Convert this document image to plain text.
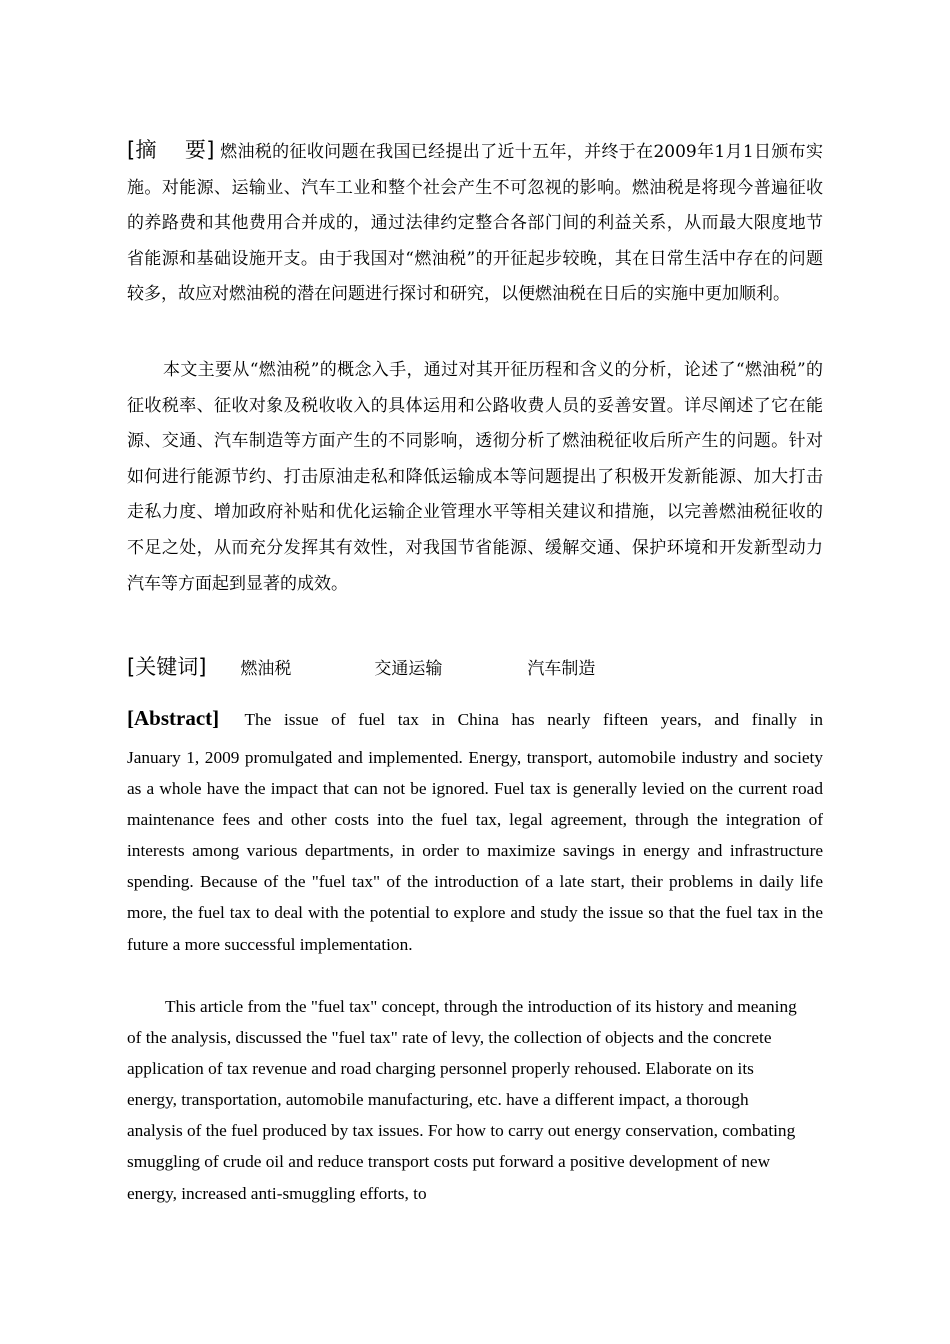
[摘    要] 燃油税的征收问题在我国已经提出了近十五年，并终于在2009年1月1日颁布实施。对能源、运输业、汽车工业和整个社会产生不可忽视的影响。燃油税是将现今普遍征收的养路费和其他费用合并成的，通过法律约定整合各部门间的利益关系，从而最大限度地节省能源和基础设施开支。由于我国对“燃油税”的开征起步较晚，其在日常生活中存在的问题较多，故应对燃油税的潜在问题进行探讨和研究，以便燃油税在日后的实施中更加顺利。

本文主要从“燃油税”的概念入手，通过对其开征历程和含义的分析，论述了“燃油税”的征收税率、征收对象及税收收入的具体运用和公路收费人员的妥善安置。详尽阐述了它在能源、交通、汽车制造等方面产生的不同影响，透彻分析了燃油税征收后所产生的问题。针对如何进行能源节约、打击原油走私和降低运输成本等问题提出了积极开发新能源、加大打击走私力度、增加政府补贴和优化运输企业管理水平等相关建议和措施，以完善燃油税征收的不足之处，从而充分发挥其有效性，对我国节省能源、缓解交通、保护环境和开发新型动力汽车等方面起到显著的成效。

[关键词] 燃油税	交通运输	汽车制造

[Abstract] The issue of fuel tax in China has nearly fifteen years, and finally in
January 1, 2009 promulgated and implemented. Energy, transport, automobile industry and society as a whole have the impact that can not be ignored. Fuel tax is generally levied on the current road maintenance fees and other costs into the fuel tax, legal agreement, through the integration of interests among various departments, in order to maximize savings in energy and infrastructure spending. Because of the "fuel tax" of the introduction of a late start, their problems in daily life more, the fuel tax to deal with the potential to explore and study the issue so that the fuel tax in the future a more successful implementation.

This article from the "fuel tax" concept, through the introduction of its history and meaning of the analysis, discussed the "fuel tax" rate of levy, the collection of objects and the concrete application of tax revenue and road charging personnel properly rehoused. Elaborate on its energy, transportation, automobile manufacturing, etc. have a different impact, a thorough analysis of the fuel produced by tax issues. For how to carry out energy conservation, combating smuggling of crude oil and reduce transport costs put forward a positive development of new energy, increased anti-smuggling efforts, to
